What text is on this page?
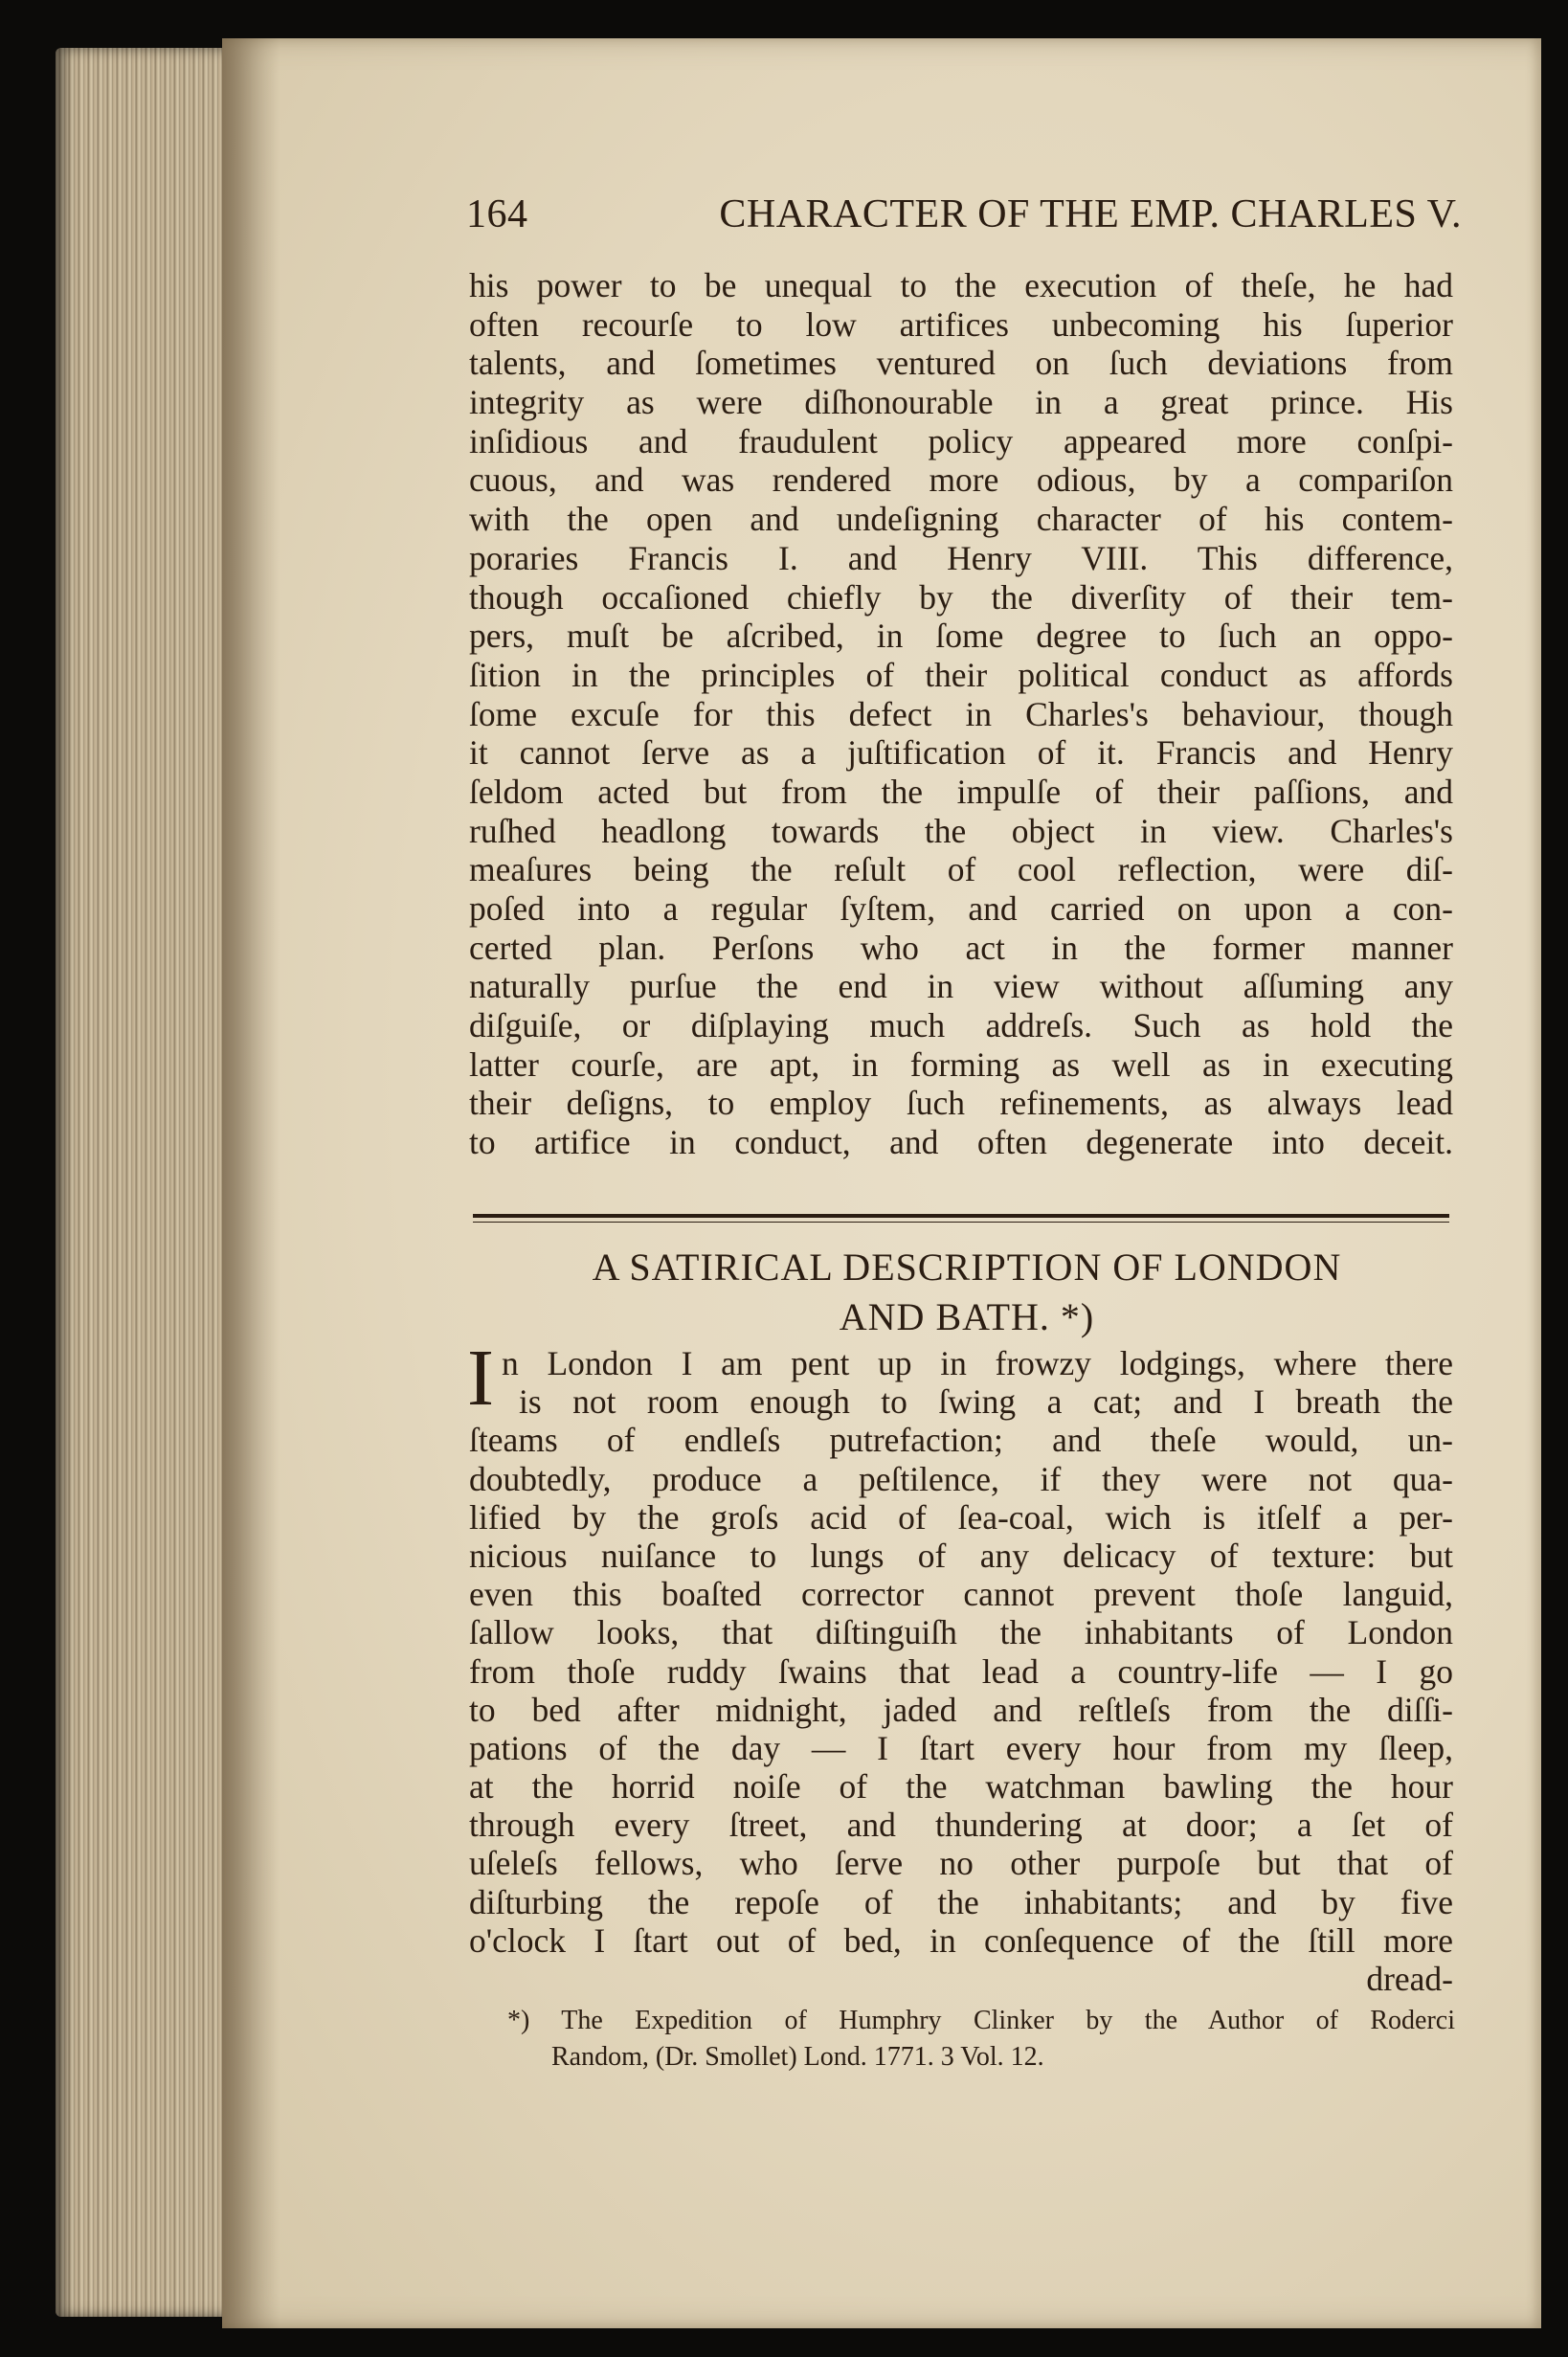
164	CHARACTER OF THE EMP. CHARLES V.
his power to be unequal to the execution of theſe, he had
often recourſe to low artifices unbecoming his ſuperior
talents, and ſometimes ventured on ſuch deviations from
integrity as were diſhonourable in a great prince. His
inſidious and fraudulent policy appeared more conſpi-
cuous, and was rendered more odious, by a compariſon
with the open and undeſigning character of his contem-
poraries Francis I. and Henry VIII. This difference,
though occaſioned chiefly by the diverſity of their tem-
pers, muſt be aſcribed, in ſome degree to ſuch an oppo-
ſition in the principles of their political conduct as affords
ſome excuſe for this defect in Charles's behaviour, though
it cannot ſerve as a juſtification of it. Francis and Henry
ſeldom acted but from the impulſe of their paſſions, and
ruſhed headlong towards the object in view. Charles's
meaſures being the reſult of cool reflection, were diſ-
poſed into a regular ſyſtem, and carried on upon a con-
certed plan. Perſons who act in the former manner
naturally purſue the end in view without aſſuming any
diſguiſe, or diſplaying much addreſs. Such as hold the
latter courſe, are apt, in forming as well as in executing
their deſigns, to employ ſuch refinements, as always lead
to artifice in conduct, and often degenerate into deceit.
A SATIRICAL DESCRIPTION OF LONDON
AND BATH. *)
I n London I am pent up in frowzy lodgings, where there
is not room enough to ſwing a cat; and I breath the
ſteams of endleſs putrefaction; and theſe would, un-
doubtedly, produce a peſtilence, if they were not qua-
lified by the groſs acid of ſea-coal, wich is itſelf a per-
nicious nuiſance to lungs of any delicacy of texture: but
even this boaſted corrector cannot prevent thoſe languid,
ſallow looks, that diſtinguiſh the inhabitants of London
from thoſe ruddy ſwains that lead a country-life — I go
to bed after midnight, jaded and reſtleſs from the diſſi-
pations of the day — I ſtart every hour from my ſleep,
at the horrid noiſe of the watchman bawling the hour
through every ſtreet, and thundering at door; a ſet of
uſeleſs fellows, who ſerve no other purpoſe but that of
diſturbing the repoſe of the inhabitants; and by five
o'clock I ſtart out of bed, in conſequence of the ſtill more
dread-
*) The Expedition of Humphry Clinker by the Author of Roderci
Random, (Dr. Smollet) Lond. 1771. 3 Vol. 12.
